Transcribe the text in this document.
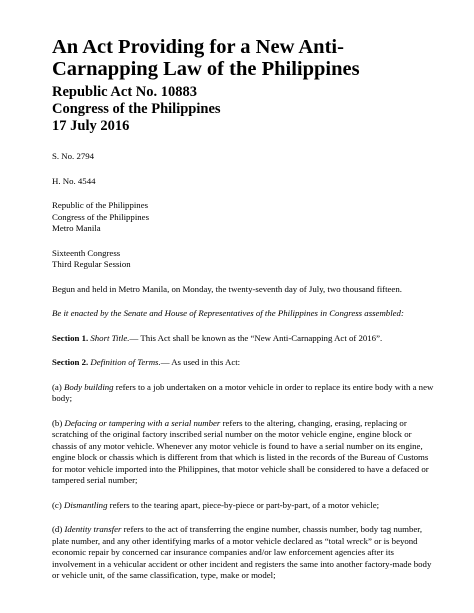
An Act Providing for a New Anti-Carnapping Law of the Philippines
Republic Act No. 10883
Congress of the Philippines
17 July 2016

S. No. 2794

H. No. 4544

Republic of the Philippines

Congress of the Philippines

Metro Manila

Sixteenth Congress

Third Regular Session

Begun and held in Metro Manila, on Monday, the twenty-seventh day of July, two thousand fifteen.

Be it enacted by the Senate and House of Representatives of the Philippines in Congress assembled:

Section 1. Short Title.— This Act shall be known as the “New Anti-Carnapping Act of 2016”.

Section 2. Definition of Terms.— As used in this Act:

(a) Body building refers to a job undertaken on a motor vehicle in order to replace its entire body with a new body;

(b) Defacing or tampering with a serial number refers to the altering, changing, erasing, replacing or scratching of the original factory inscribed serial number on the motor vehicle engine, engine block or chassis of any motor vehicle. Whenever any motor vehicle is found to have a serial number on its engine, engine block or chassis which is different from that which is listed in the records of the Bureau of Customs for motor vehicle imported into the Philippines, that motor vehicle shall be considered to have a defaced or tampered serial number;

(c) Dismantling refers to the tearing apart, piece-by-piece or part-by-part, of a motor vehicle;

(d) Identity transfer refers to the act of transferring the engine number, chassis number, body tag number, plate number, and any other identifying marks of a motor vehicle declared as “total wreck” or is beyond economic repair by concerned car insurance companies and/or law enforcement agencies after its involvement in a vehicular accident or other incident and registers the same into another factory-made body or vehicle unit, of the same classification, type, make or model;
